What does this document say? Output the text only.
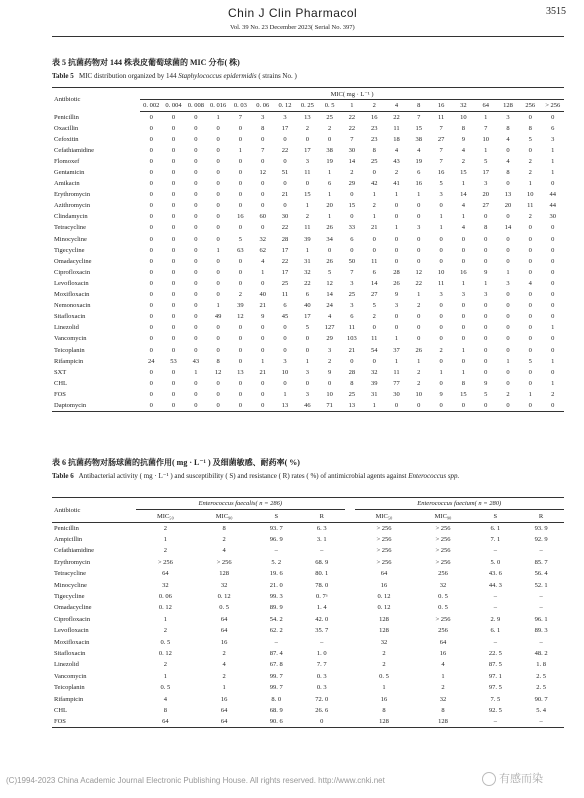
Chin J Clin Pharmacol	3515
Vol. 39 No. 23 December 2023( Serial No. 397)
表 5 抗菌药物对 144 株表皮葡萄球菌的 MIC 分布( 株)
Table 5 MIC distribution organized by 144 Staphylococcus epidermidis ( strains No. )
Antibiotic	MIC( mg · L⁻¹ )																		
	0. 002	0. 004	0. 008	0. 016	0. 03	0. 06	0. 12	0. 25	0. 5	1	2	4	8	16	32	64	128	256	> 256
Penicillin	0	0	0	1	7	3	3	13	25	22	16	22	7	11	10	1	3	0	0
Oxacillin	0	0	0	0	0	8	17	2	2	22	23	11	15	7	8	7	8	8	6
Cefoxitin	0	0	0	0	0	0	0	0	0	7	23	18	38	27	9	10	4	5	3
Cefathiamidine	0	0	0	0	1	7	22	17	38	30	8	4	4	7	4	1	0	0	1
Flomoxef	0	0	0	0	0	0	0	3	19	14	25	43	19	7	2	5	4	2	1
Gentamicin	0	0	0	0	0	12	51	11	1	2	0	2	6	16	15	17	8	2	1
Amikacin	0	0	0	0	0	0	0	0	6	29	42	41	16	5	1	3	0	1	0
Erythromycin	0	0	0	0	0	0	21	15	1	0	1	1	1	3	14	20	13	10	44
Azithromycin	0	0	0	0	0	0	0	1	20	15	2	0	0	0	4	27	20	11	44
Clindamycin	0	0	0	0	16	60	30	2	1	0	1	0	0	1	1	0	0	2	30
Tetracycline	0	0	0	0	0	0	22	11	26	33	21	1	3	1	4	8	14	0	0
Minocycline	0	0	0	0	5	32	28	39	34	6	0	0	0	0	0	0	0	0	0
Tigecycline	0	0	0	1	63	62	17	1	0	0	0	0	0	0	0	0	0	0	0
Omadacycline	0	0	0	0	0	4	22	31	26	50	11	0	0	0	0	0	0	0	0
Ciprofloxacin	0	0	0	0	0	1	17	32	5	7	6	28	12	10	16	9	1	0	0
Levofloxacin	0	0	0	0	0	0	25	22	12	3	14	26	22	11	1	1	3	4	0
Moxifloxacin	0	0	0	0	2	40	11	6	14	25	27	9	1	3	3	3	0	0	0
Nemonoxacin	0	0	0	1	39	21	6	40	24	3	5	3	2	0	0	0	0	0	0
Sitafloxacin	0	0	0	49	12	9	45	17	4	6	2	0	0	0	0	0	0	0	0
Linezolid	0	0	0	0	0	0	0	5	127	11	0	0	0	0	0	0	0	0	1
Vancomycin	0	0	0	0	0	0	0	0	29	103	11	1	0	0	0	0	0	0	0
Teicoplanin	0	0	0	0	0	0	0	0	3	21	54	37	26	2	1	0	0	0	0
Rifampicin	24	53	43	8	0	1	3	1	2	0	0	1	1	0	0	0	1	5	1
SXT	0	0	1	12	13	21	10	3	9	28	32	11	2	1	1	0	0	0	0
CHL	0	0	0	0	0	0	0	0	0	8	39	77	2	0	8	9	0	0	1
FOS	0	0	0	0	0	0	1	3	10	25	31	30	10	9	15	5	2	1	2
Daptomycin	0	0	0	0	0	0	13	46	71	13	1	0	0	0	0	0	0	0	0
表 6 抗菌药物对肠球菌的抗菌作用( mg · L⁻¹ ) 及细菌敏感、耐药率( %)
Table 6 Antibacterial activity ( mg · L⁻¹ ) and susceptibility ( S) and resistance ( R) rates ( %) of antimicrobial agents against Enterococcus spp.
Antibiotic	Enterococcus faecalis( n = 286)					Enterococcus faecium( n = 280)			
	MIC₅₀	MIC₉₀	S	R		MIC₅₀	MIC₉₀	S	R
Penicillin	2	8	93. 7	6. 3		> 256	> 256	6. 1	93. 9
Ampicillin	1	2	96. 9	3. 1		> 256	> 256	7. 1	92. 9
Cefathiamidine	2	4	–	–		> 256	> 256	–	–
Erythromycin	> 256	> 256	5. 2	68. 9		> 256	> 256	5. 0	85. 7
Tetracycline	64	128	19. 6	80. 1		64	256	43. 6	56. 4
Minocycline	32	32	21. 0	78. 0		16	32	44. 3	52. 1
Tigecycline	0. 06	0. 12	99. 3	0. 7ᵃ		0. 12	0. 5	–	–
Omadacycline	0. 12	0. 5	89. 9	1. 4		0. 12	0. 5	–	–
Ciprofloxacin	1	64	54. 2	42. 0		128	> 256	2. 9	96. 1
Levofloxacin	2	64	62. 2	35. 7		128	256	6. 1	89. 3
Moxifloxacin	0. 5	16	–	–		32	64	–	–
Sitafloxacin	0. 12	2	87. 4	1. 0		2	16	22. 5	48. 2
Linezolid	2	4	67. 8	7. 7		2	4	87. 5	1. 8
Vancomycin	1	2	99. 7	0. 3		0. 5	1	97. 1	2. 5
Teicoplanin	0. 5	1	99. 7	0. 3		1	2	97. 5	2. 5
Rifampicin	4	16	8. 0	72. 0		16	32	7. 5	90. 7
CHL	8	64	68. 9	26. 6		8	8	92. 5	5. 4
FOS	64	64	90. 6	0		128	128	–	–
(C)1994-2023 China Academic Journal Electronic Publishing House. All rights reserved. http://www.cnki.net	有感而染
